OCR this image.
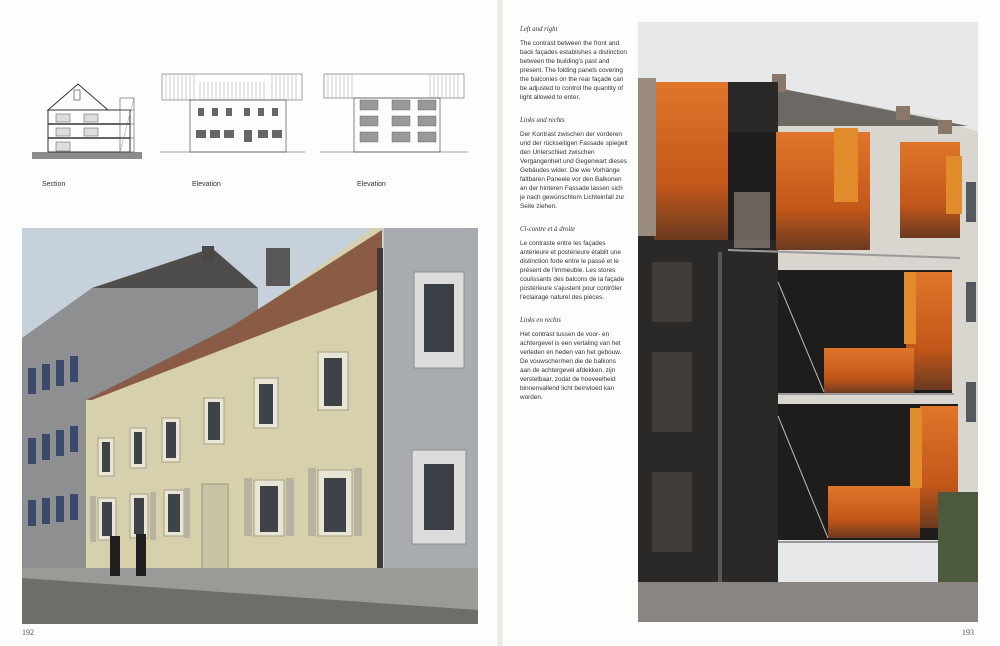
Section	Elevation	Elevation
Left and right
The contrast between the front and back façades establishes a distinction between the building's past and present. The folding panels covering the balconies on the rear façade can be adjusted to control the quantity of light allowed to enter.
Links und rechts
Der Kontrast zwischen der vorderen und der rückseitigen Fassade spiegelt den Unterschied zwischen Vergangenheit und Gegenwart dieses Gebäudes wider. Die wie Vorhänge faltbaren Paneele vor den Balkonen an der hinteren Fassade lassen sich je nach gewünschtem Lichteinfall zur Seite ziehen.
Ci-contre et à droite
Le contraste entre les façades antérieure et postérieure établit une distinction forte entre le passé et le présent de l'immeuble. Les stores coulissants des balcons de la façade postérieure s'ajustent pour contrôler l'éclairage naturel des pièces.
Links en rechts
Het contrast tussen de voor- en achtergevel is een vertaling van het verleden en heden van het gebouw. De vouwschermen die de balkons aan de achtergevel afdekken, zijn verstelbaar, zodat de hoeveelheid binnenvallend licht beïnvloed kan worden.
192	193
